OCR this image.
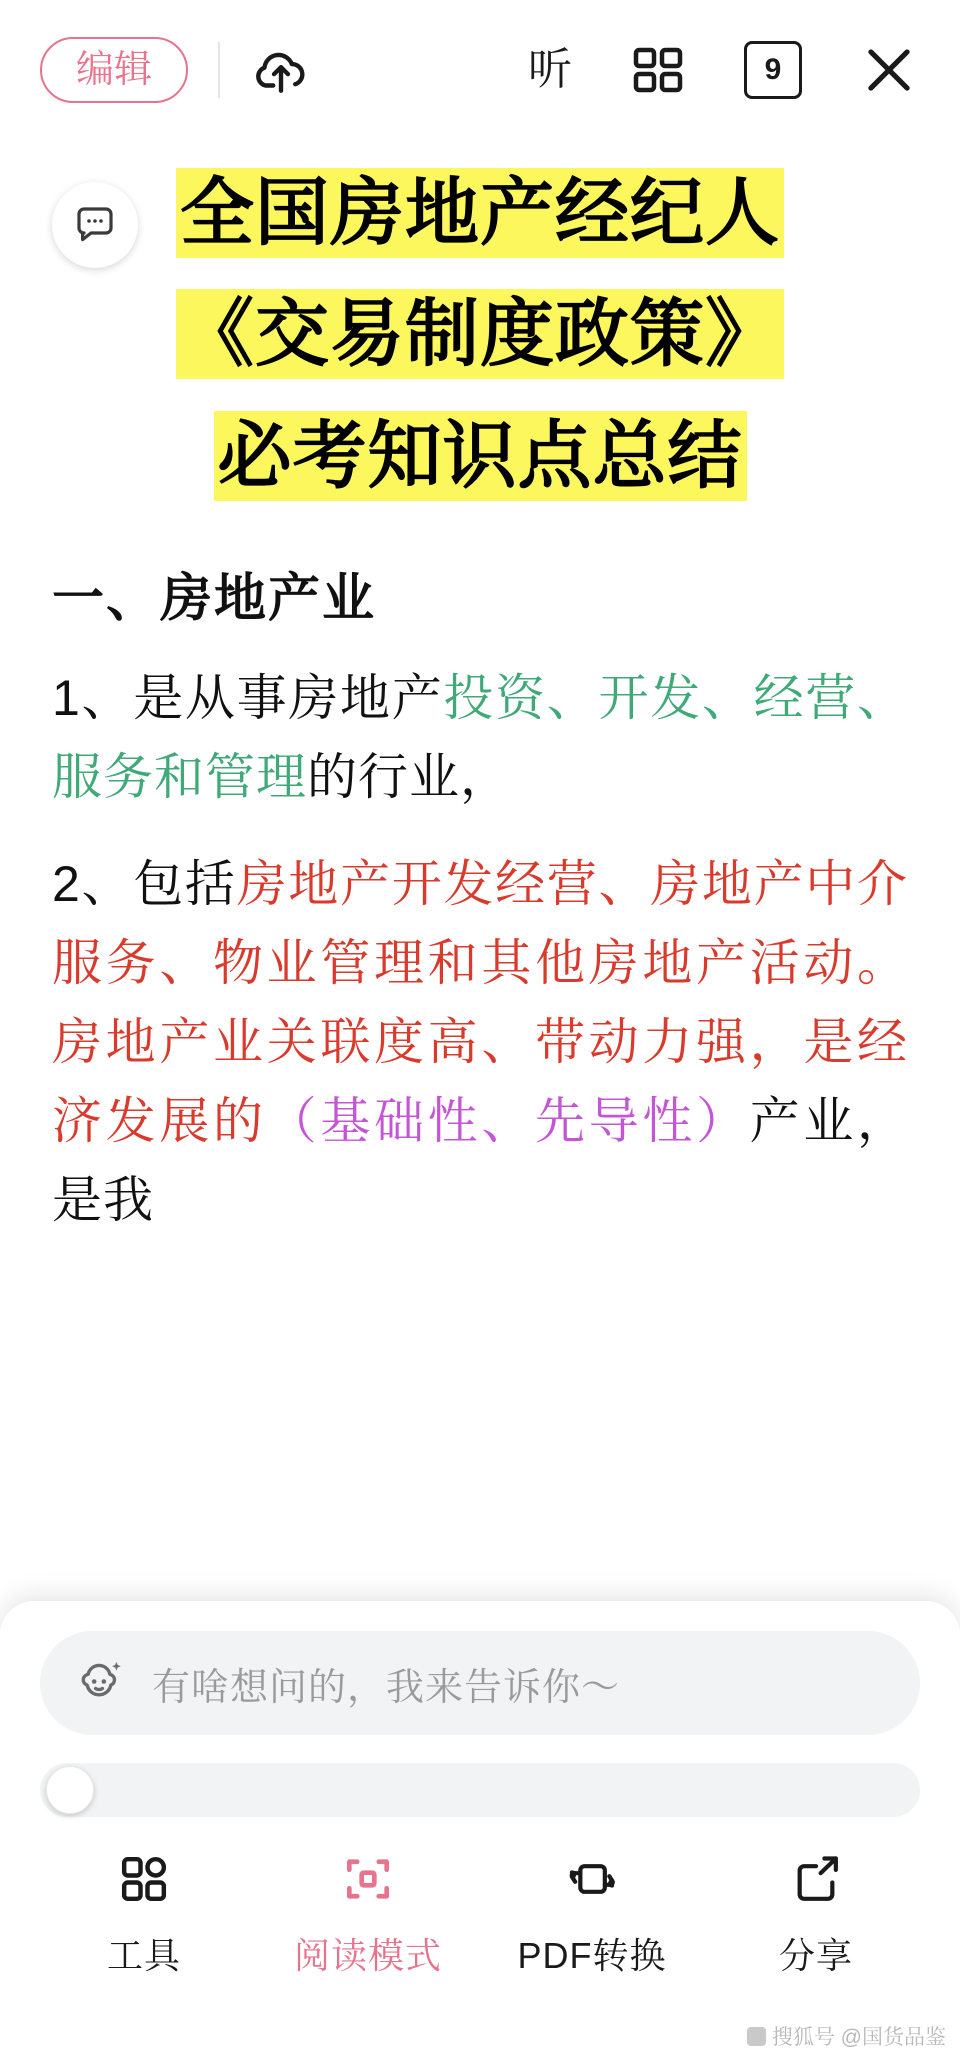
编辑	听	9
全国房地产经纪人
《交易制度政策》
必考知识点总结
一、房地产业

1、是从事房地产投资、开发、经营、服务和管理的行业，

2、包括房地产开发经营、房地产中介服务、物业管理和其他房地产活动。 房地产业关联度高、带动力强，是经济发展的（基础性、先导性）产业，是我

有啥想问的，我来告诉你～
工具	阅读模式 PDF转换	分享
搜狐号 @国货品鉴
